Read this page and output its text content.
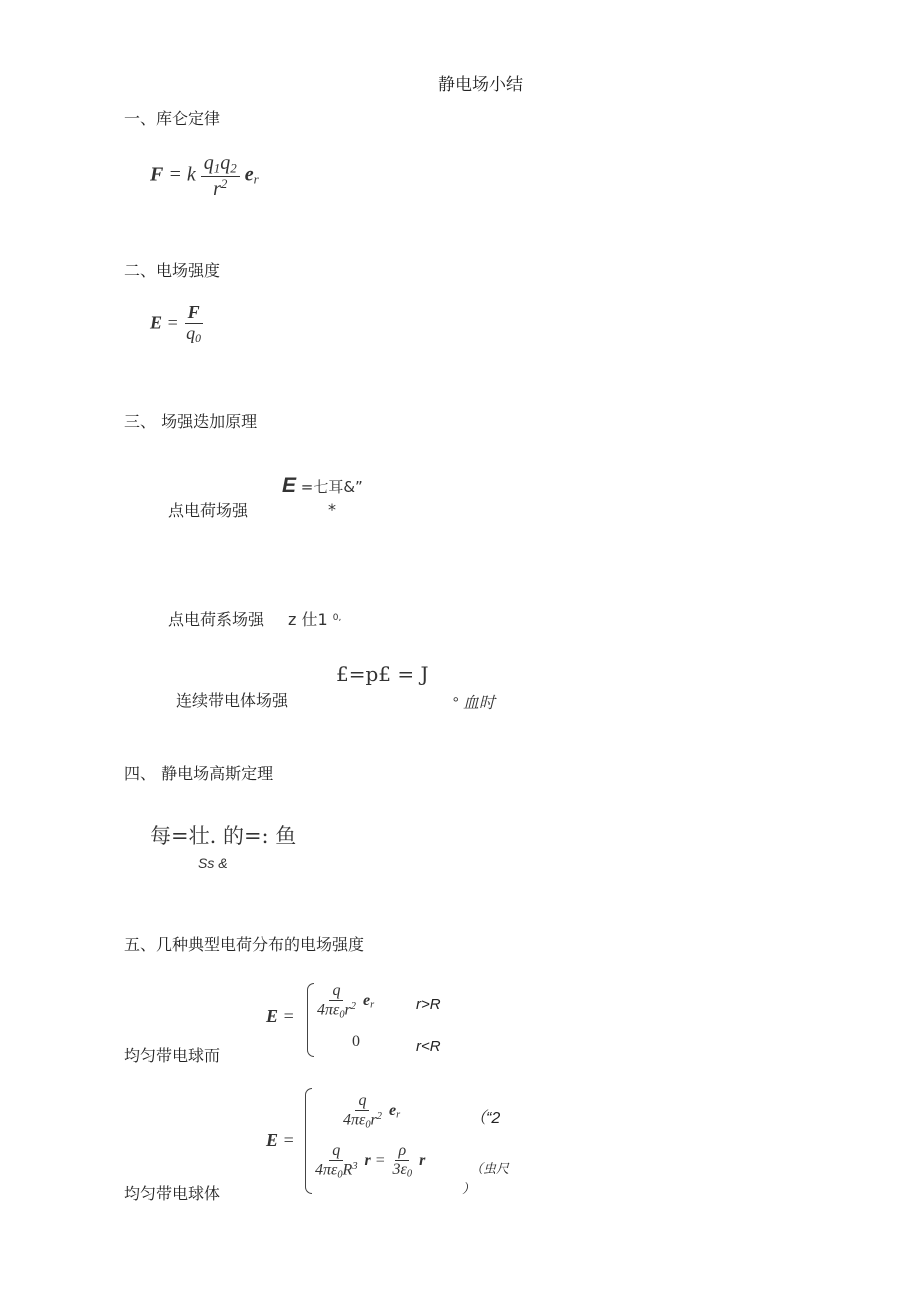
静电场小结
一、库仑定律
F = k $\frac{q_1q_2}{r^2} e_r$
二、电场强度
$E = \frac{F}{q_0}$
三、 场强迭加原理
点电荷场强
E =七耳&”
*
点电荷系场强 z 仕1 $^{0,}$
连续带电体场强
£=p£ = J
° 血时
四、 静电场高斯定理
每=壮. 的=: 鱼
Ss &
五、几种典型电荷分布的电场强度
均匀带电球而
$E = \frac{q}{4\pi\varepsilon_0r^2} e_r$	r>R
0	r<R
均匀带电球体
E =
$\frac{q}{4\pi\varepsilon_0r^2} e_r$	（“2
$\frac{q}{4\pi\varepsilon_0R^3}$ $r = \frac{\rho}{3\varepsilon_0}$ r	（虫尺
）
